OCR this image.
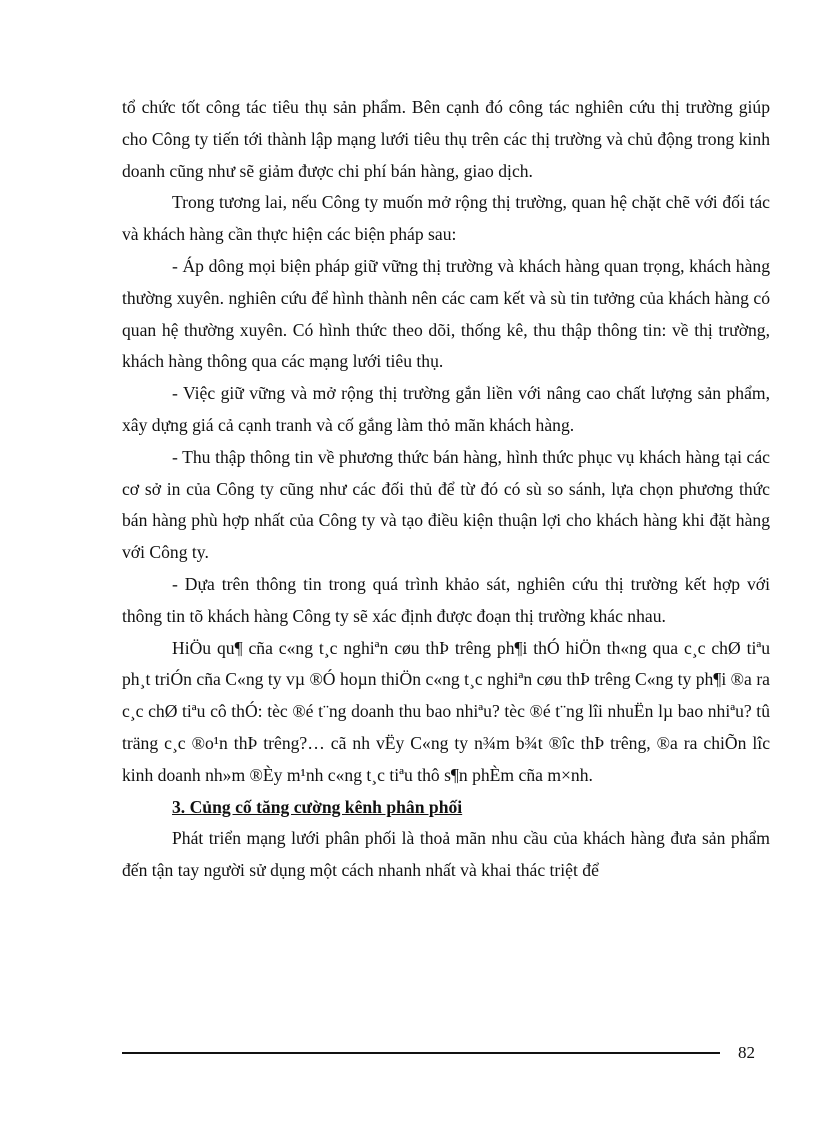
tổ chức tốt công tác tiêu thụ sản phẩm. Bên cạnh đó công tác nghiên cứu thị trường giúp cho Công ty tiến tới thành lập mạng lưới tiêu thụ trên các thị trường và chủ động trong kinh doanh cũng như sẽ giảm được chi phí bán hàng, giao dịch.

Trong tương lai, nếu Công ty muốn mở rộng thị trường, quan hệ chặt chẽ với đối tác và khách hàng cần thực hiện các biện pháp sau:

- Áp dông mọi biện pháp giữ vững thị trường và khách hàng quan trọng, khách hàng thường xuyên. nghiên cứu để hình thành nên các cam kết và sù tin tưởng của khách hàng có quan hệ thường xuyên. Có hình thức theo dõi, thống kê, thu thập thông tin: về thị trường, khách hàng thông qua các mạng lưới tiêu thụ.

- Việc giữ vững và mở rộng thị trường gắn liền với nâng cao chất lượng sản phẩm, xây dựng giá cả cạnh tranh và cố gắng làm thỏ mãn khách hàng.

- Thu thập thông tin về phương thức bán hàng, hình thức phục vụ khách hàng tại các cơ sở in của Công ty cũng như các đối thủ để từ đó có sù so sánh, lựa chọn phương thức bán hàng phù hợp nhất của Công ty và tạo điều kiện thuận lợi cho khách hàng khi đặt hàng với Công ty.

- Dựa trên thông tin trong quá trình khảo sát, nghiên cứu thị trường kết hợp với thông tin tõ khách hàng Công ty sẽ xác định được đoạn thị trường khác nhau.

HiÖu qu¶ cña c«ng t¸c nghiªn cøu thÞ trêng ph¶i thÓ hiÖn th«ng qua c¸c chØ tiªu ph¸t triÓn cña C«ng ty vµ ®Ó hoµn thiÖn c«ng t¸c nghiªn cøu thÞ trêng C«ng ty ph¶i ®a ra c¸c chØ tiªu cô thÓ: tèc ®é t¨ng doanh thu bao nhiªu? tèc ®é t¨ng lîi nhuËn lµ bao nhiªu? tû träng c¸c ®o¹n thÞ trêng?… cã nh vËy C«ng ty n¾m b¾t ®îc thÞ trêng, ®a ra chiÕn lîc kinh doanh nh»m ®Èy m¹nh c«ng t¸c tiªu thô s¶n phÈm cña m×nh.

3. Củng cố tăng cường kênh phân phối

Phát triển mạng lưới phân phối là thoả mãn nhu cầu của khách hàng đưa sản phẩm đến tận tay người sử dụng một cách nhanh nhất và khai thác triệt để

82
